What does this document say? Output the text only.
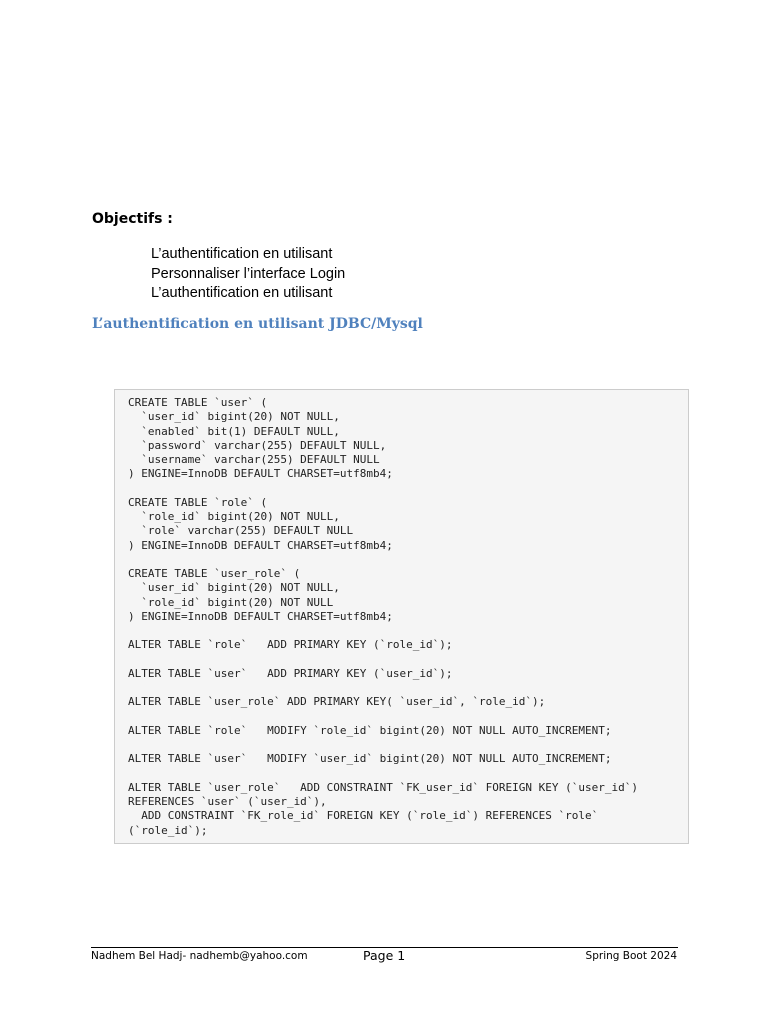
Objectifs :
L’authentification en utilisant
Personnaliser l’interface Login
L’authentification en utilisant
L’authentification en utilisant JDBC/Mysql
CREATE TABLE `user` (
`user_id` bigint(20) NOT NULL,
`enabled` bit(1) DEFAULT NULL,
`password` varchar(255) DEFAULT NULL,
`username` varchar(255) DEFAULT NULL
) ENGINE=InnoDB DEFAULT CHARSET=utf8mb4;

CREATE TABLE `role` (
`role_id` bigint(20) NOT NULL,
`role` varchar(255) DEFAULT NULL
) ENGINE=InnoDB DEFAULT CHARSET=utf8mb4;

CREATE TABLE `user_role` (
`user_id` bigint(20) NOT NULL,
`role_id` bigint(20) NOT NULL
) ENGINE=InnoDB DEFAULT CHARSET=utf8mb4;

ALTER TABLE `role`   ADD PRIMARY KEY (`role_id`);

ALTER TABLE `user`   ADD PRIMARY KEY (`user_id`);

ALTER TABLE `user_role` ADD PRIMARY KEY( `user_id`, `role_id`);

ALTER TABLE `role`   MODIFY `role_id` bigint(20) NOT NULL AUTO_INCREMENT;

ALTER TABLE `user`   MODIFY `user_id` bigint(20) NOT NULL AUTO_INCREMENT;

ALTER TABLE `user_role`   ADD CONSTRAINT `FK_user_id` FOREIGN KEY (`user_id`)
REFERENCES `user` (`user_id`),
ADD CONSTRAINT `FK_role_id` FOREIGN KEY (`role_id`) REFERENCES `role`
(`role_id`);
Nadhem Bel Hadj- nadhemb@yahoo.com	Page 1	Spring Boot 2024
